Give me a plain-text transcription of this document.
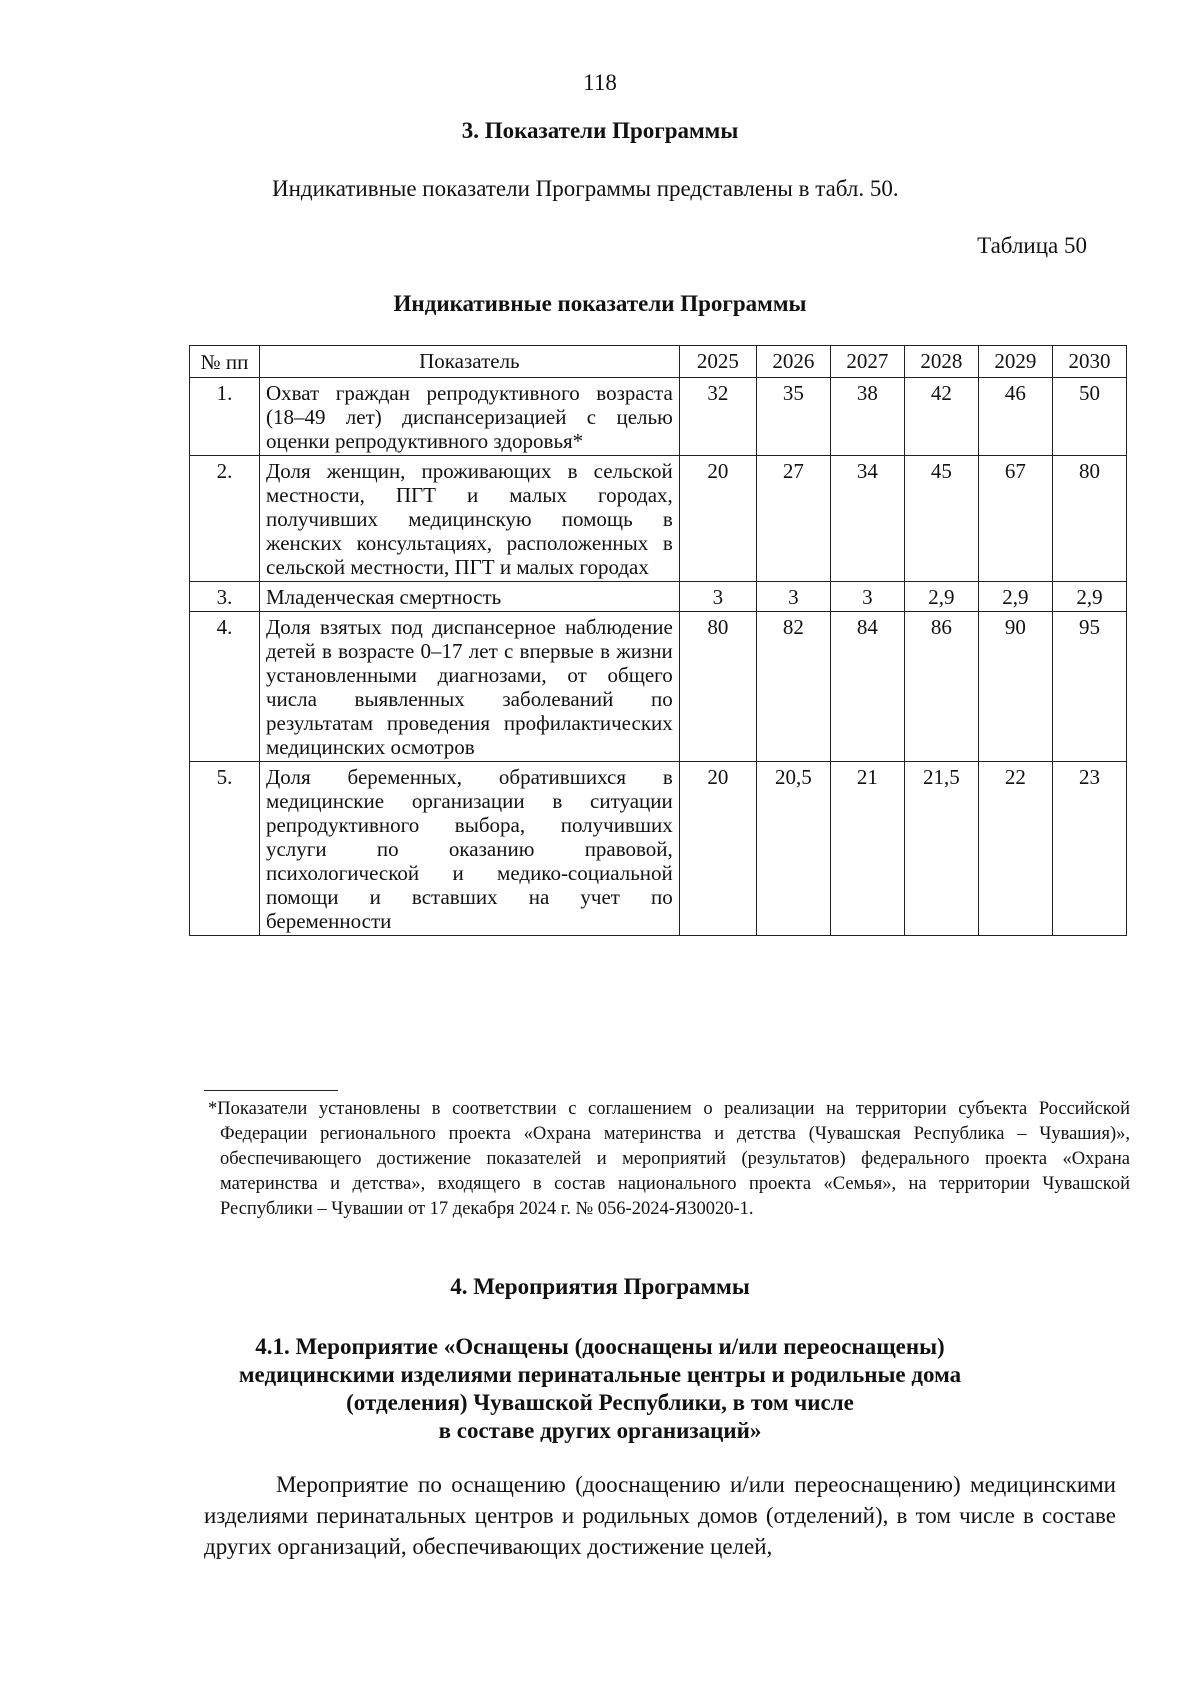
118
3. Показатели Программы
Индикативные показатели Программы представлены в табл. 50.
Таблица 50
Индикативные показатели Программы
№ пп	Показатель	2025	2026	2027	2028	2029	2030
1.	Охват граждан репродуктивного возраста (18–49 лет) диспансеризацией с целью оценки репродуктивного здоровья*	32	35	38	42	46	50
2.	Доля женщин, проживающих в сельской местности, ПГТ и малых городах, получивших медицинскую помощь в женских консультациях, расположенных в сельской местности, ПГТ и малых городах	20	27	34	45	67	80
3.	Младенческая смертность	3	3	3	2,9	2,9	2,9
4.	Доля взятых под диспансерное наблюдение детей в возрасте 0–17 лет с впервые в жизни установленными диагнозами, от общего числа выявленных заболеваний по результатам проведения профилактических медицинских осмотров	80	82	84	86	90	95
5.	Доля беременных, обратившихся в медицинские организации в ситуации репродуктивного выбора, получивших услуги по оказанию правовой, психологической и медико-социальной помощи и вставших на учет по беременности	20	20,5	21	21,5	22	23
*Показатели установлены в соответствии с соглашением о реализации на территории субъекта Российской Федерации регионального проекта «Охрана материнства и детства (Чувашская Республика – Чувашия)», обеспечивающего достижение показателей и мероприятий (результатов) федерального проекта «Охрана материнства и детства», входящего в состав национального проекта «Семья», на территории Чувашской Республики – Чувашии от 17 декабря 2024 г. № 056-2024-Я30020-1.
4. Мероприятия Программы
4.1. Мероприятие «Оснащены (дооснащены и/или переоснащены)
медицинскими изделиями перинатальные центры и родильные дома
(отделения) Чувашской Республики, в том числе
в составе других организаций»
Мероприятие по оснащению (дооснащению и/или переоснащению) медицинскими изделиями перинатальных центров и родильных домов (отделений), в том числе в составе других организаций, обеспечивающих достижение целей,
